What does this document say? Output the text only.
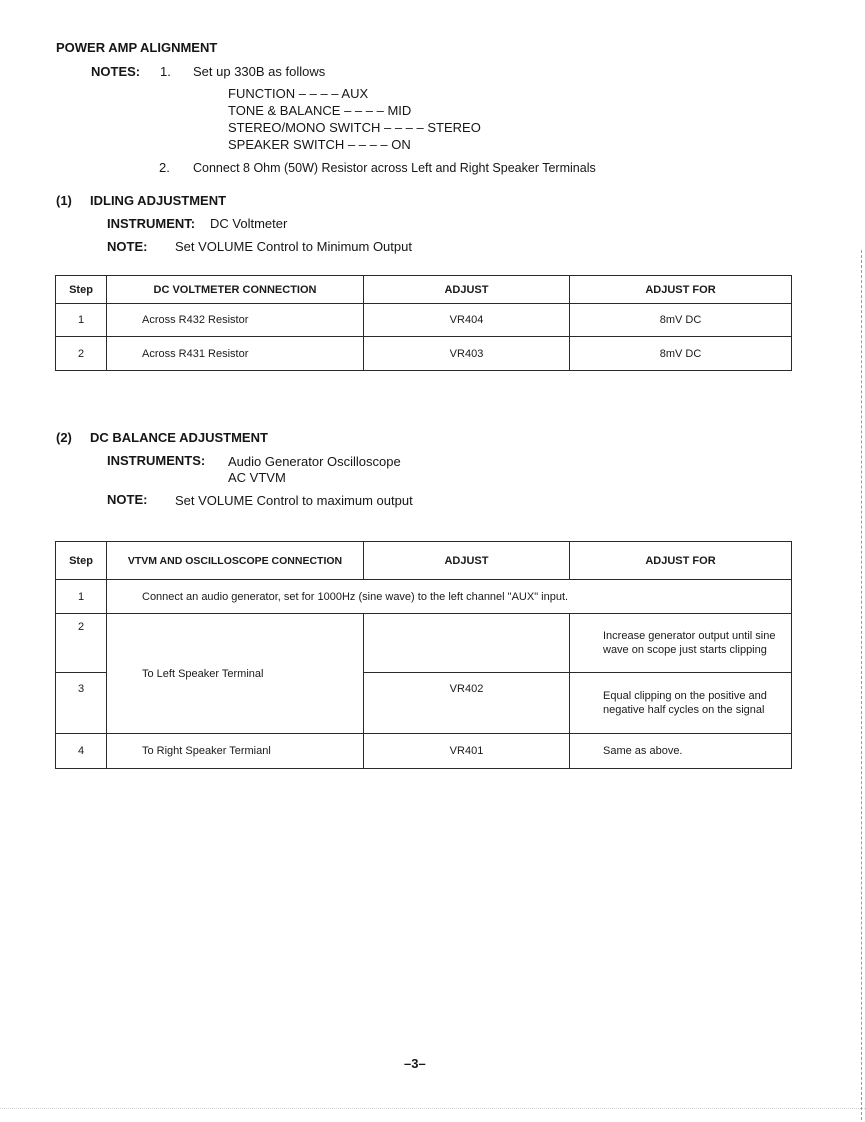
POWER AMP ALIGNMENT
NOTES: 1. Set up 330B as follows
FUNCTION – – – – AUX
TONE & BALANCE – – – – MID
STEREO/MONO SWITCH – – – – STEREO
SPEAKER SWITCH – – – – ON
2. Connect 8 Ohm (50W) Resistor across Left and Right Speaker Terminals
(1) IDLING ADJUSTMENT
INSTRUMENT: DC Voltmeter
NOTE: Set VOLUME Control to Minimum Output
Step	DC VOLTMETER CONNECTION	ADJUST	ADJUST FOR
1	Across R432 Resistor	VR404	8mV DC
2	Across R431 Resistor	VR403	8mV DC
(2) DC BALANCE ADJUSTMENT
INSTRUMENTS: Audio Generator Oscilloscope
AC VTVM
NOTE: Set VOLUME Control to maximum output
Step	VTVM AND OSCILLOSCOPE CONNECTION	ADJUST	ADJUST FOR
1	Connect an audio generator, set for 1000Hz (sine wave) to the left channel "AUX" input.		
2	To Left Speaker Terminal		Increase generator output until sine wave on scope just starts clipping
3		VR402	Equal clipping on the positive and negative half cycles on the signal
4	To Right Speaker Termianl	VR401	Same as above.
–3–
